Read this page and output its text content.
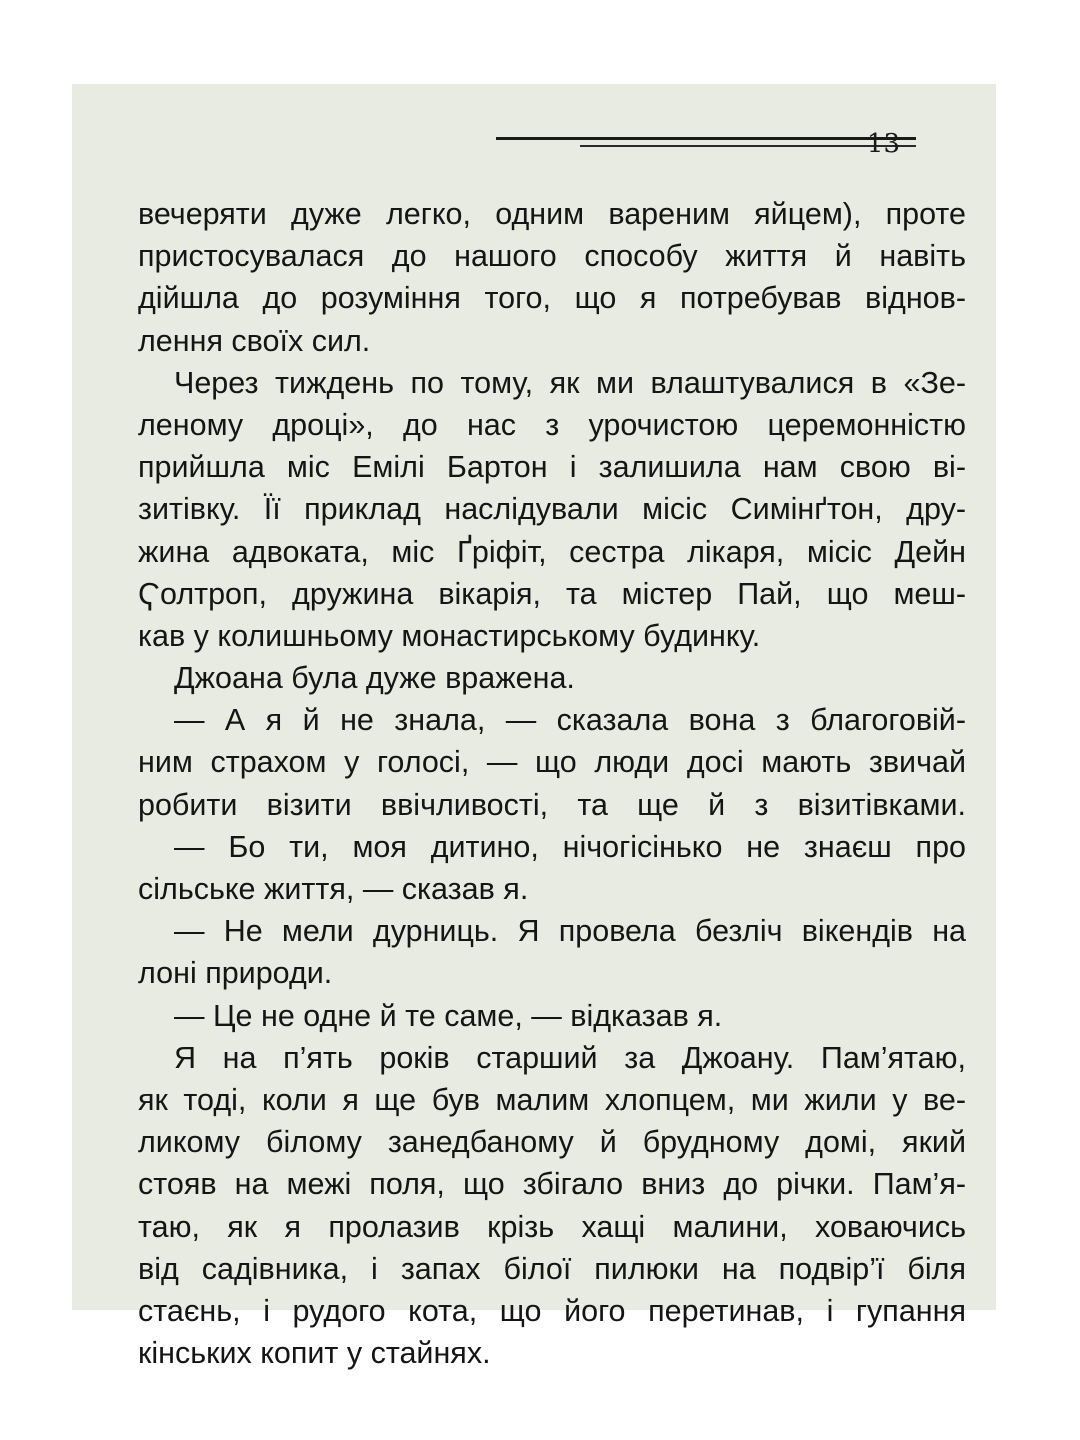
13
вечеряти дуже легко, одним вареним яйцем), проте
пристосувалася до нашого способу життя й навіть
дійшла до розуміння того, що я потребував віднов-
лення своїх сил.
Через тиждень по тому, як ми влаштувалися в «Зе-
леному дроці», до нас з урочистою церемонністю
прийшла міс Емілі Бартон і залишила нам свою ві-
зитівку. Її приклад наслідували місіс Симінґтон, дру-
жина адвоката, міс Ґріфіт, сестра лікаря, місіс Дейн
Ҁолтроп, дружина вікарія, та містер Пай, що меш-
кав у колишньому монастирському будинку.
Джоана була дуже вражена.
— А я й не знала, — сказала вона з благоговій-
ним страхом у голосі, — що люди досі мають звичай
робити візити ввічливості, та ще й з візитівками.
— Бо ти, моя дитино, нічогісінько не знаєш про
сільське життя, — сказав я.
— Не мели дурниць. Я провела безліч вікендів на
лоні природи.
— Це не одне й те саме, — відказав я.
Я на п’ять років старший за Джоану. Пам’ятаю,
як тоді, коли я ще був малим хлопцем, ми жили у ве-
ликому білому занедбаному й брудному домі, який
стояв на межі поля, що збігало вниз до річки. Пам’я-
таю, як я пролазив крізь хащі малини, ховаючись
від садівника, і запах білої пилюки на подвір’ї біля
стаєнь, і рудого кота, що його перетинав, і гупання
кінських копит у стайнях.
